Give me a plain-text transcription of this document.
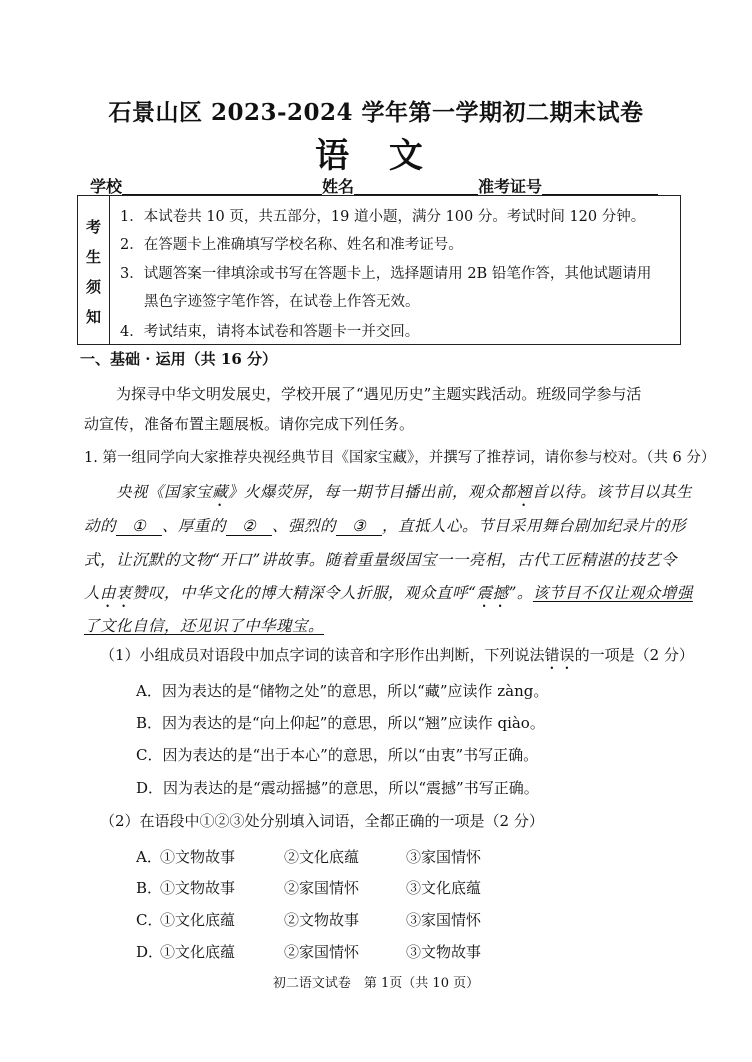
石景山区 2023-2024 学年第一学期初二期末试卷
语 文
学校	姓名	准考证号
考
生
须
知
1．本试卷共 10 页，共五部分，19 道小题，满分 100 分。考试时间 120 分钟。
2．在答题卡上准确填写学校名称、姓名和准考证号。
3．试题答案一律填涂或书写在答题卡上，选择题请用 2B 铅笔作答，其他试题请用
黑色字迹签字笔作答，在试卷上作答无效。
4．考试结束，请将本试卷和答题卡一并交回。
一、基础 · 运用（共 16 分）
为探寻中华文明发展史，学校开展了“遇见历史”主题实践活动。班级同学参与活
动宣传，准备布置主题展板。请你完成下列任务。
1. 第一组同学向大家推荐央视经典节目《国家宝藏》，并撰写了推荐词，请你参与校对。（共 6 分）
央视《国家宝藏》火爆荧屏，每一期节目播出前，观众都翘首以待。该节目以其生
动的 ① 、厚重的 ② 、强烈的 ③ ，直抵人心。节目采用舞台剧加纪录片的形
式，让沉默的文物“开口”讲故事。随着重量级国宝一一亮相，古代工匠精湛的技艺令
人由衷赞叹，中华文化的博大精深令人折服，观众直呼“震撼”。该节目不仅让观众增强
了文化自信，还见识了中华瑰宝。
（1）小组成员对语段中加点字词的读音和字形作出判断，下列说法错误的一项是（2 分）
A．因为表达的是“储物之处”的意思，所以“藏”应读作 zàng。
B．因为表达的是“向上仰起”的意思，所以“翘”应读作 qiào。
C．因为表达的是“出于本心”的意思，所以“由衷”书写正确。
D．因为表达的是“震动摇撼”的意思，所以“震撼”书写正确。
（2）在语段中①②③处分别填入词语，全都正确的一项是（2 分）
A．
①文物故事	②文化底蕴	③家国情怀
B．
①文物故事	②家国情怀	③文化底蕴
C．
①文化底蕴	②文物故事	③家国情怀
D．
①文化底蕴	②家国情怀	③文物故事
初二语文试卷　第 1页（共 10 页）
